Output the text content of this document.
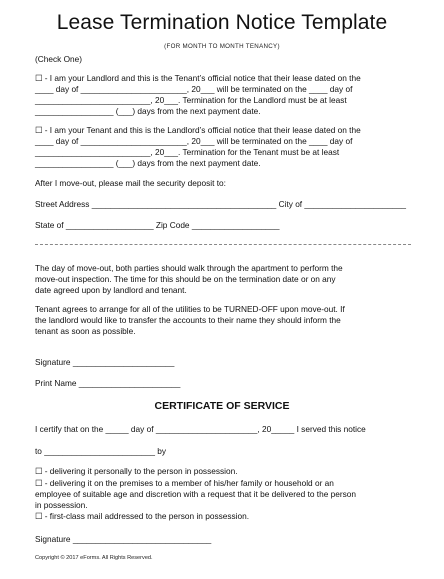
Lease Termination Notice Template
(FOR MONTH TO MONTH TENANCY)
(Check One)
☐ - I am your Landlord and this is the Tenant’s official notice that their lease dated on the
____ day of _______________________, 20___ will be terminated on the ____ day of
_________________________, 20___. Termination for the Landlord must be at least
_________________ (___) days from the next payment date.
☐ - I am your Tenant and this is the Landlord’s official notice that their lease dated on the
____ day of _______________________, 20___ will be terminated on the ____ day of
_________________________, 20___. Termination for the Tenant must be at least
_________________ (___) days from the next payment date.
After I move-out, please mail the security deposit to:
Street Address ________________________________________ City of ______________________
State of ___________________ Zip Code ___________________
The day of move-out, both parties should walk through the apartment to perform the
move-out inspection. The time for this should be on the termination date or on any
date agreed upon by landlord and tenant.
Tenant agrees to arrange for all of the utilities to be TURNED-OFF upon move-out. If
the landlord would like to transfer the accounts to their name they should inform the
tenant as soon as possible.
Signature ______________________
Print Name ______________________
CERTIFICATE OF SERVICE
I certify that on the _____ day of ______________________, 20_____ I served this notice
to ________________________ by
☐ - delivering it personally to the person in possession.
☐ - delivering it on the premises to a member of his/her family or household or an
employee of suitable age and discretion with a request that it be delivered to the person
in possession.
☐ - first-class mail addressed to the person in possession.
Signature ______________________________
Copyright © 2017 eForms. All Rights Reserved.
